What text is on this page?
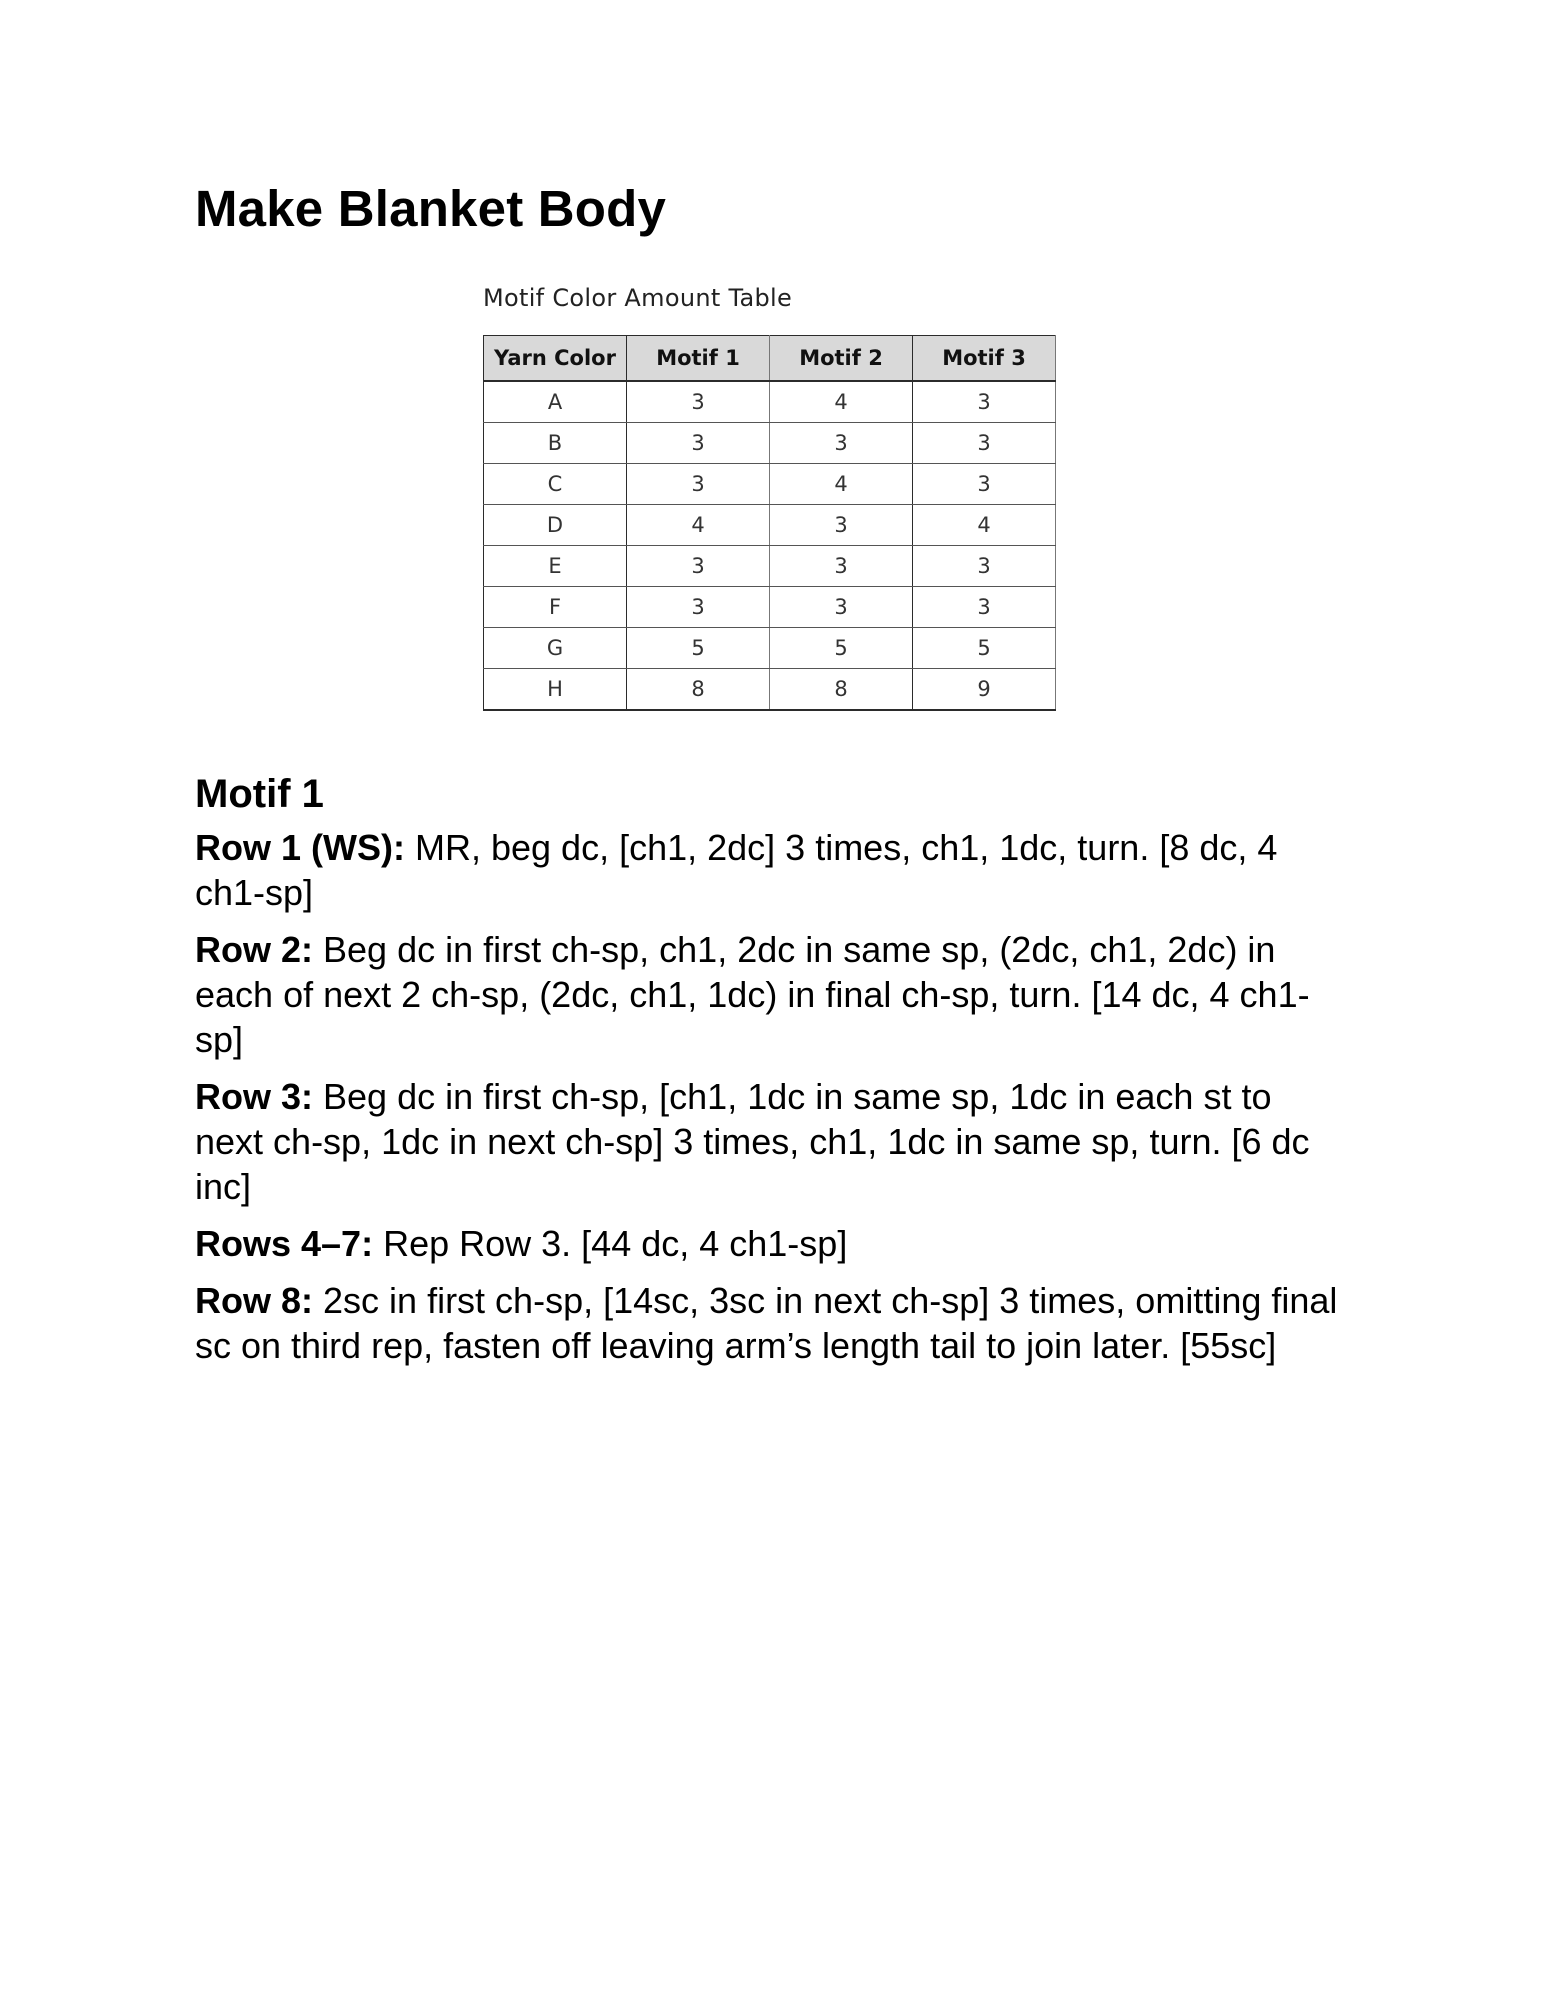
Make Blanket Body
Motif Color Amount Table
Yarn Color	Motif 1	Motif 2	Motif 3
A	3	4	3
B	3	3	3
C	3	4	3
D	4	3	4
E	3	3	3
F	3	3	3
G	5	5	5
H	8	8	9
Motif 1

Row 1 (WS): MR, beg dc, [ch1, 2dc] 3 times, ch1, 1dc, turn. [8 dc, 4 ch1-sp]

Row 2: Beg dc in first ch-sp, ch1, 2dc in same sp, (2dc, ch1, 2dc) in each of next 2 ch-sp, (2dc, ch1, 1dc) in final ch-sp, turn. [14 dc, 4 ch1-sp]

Row 3: Beg dc in first ch-sp, [ch1, 1dc in same sp, 1dc in each st to next ch-sp, 1dc in next ch-sp] 3 times, ch1, 1dc in same sp, turn. [6 dc inc]

Rows 4–7: Rep Row 3. [44 dc, 4 ch1-sp]

Row 8: 2sc in first ch-sp, [14sc, 3sc in next ch-sp] 3 times, omitting final sc on third rep, fasten off leaving arm’s length tail to join later. [55sc]
